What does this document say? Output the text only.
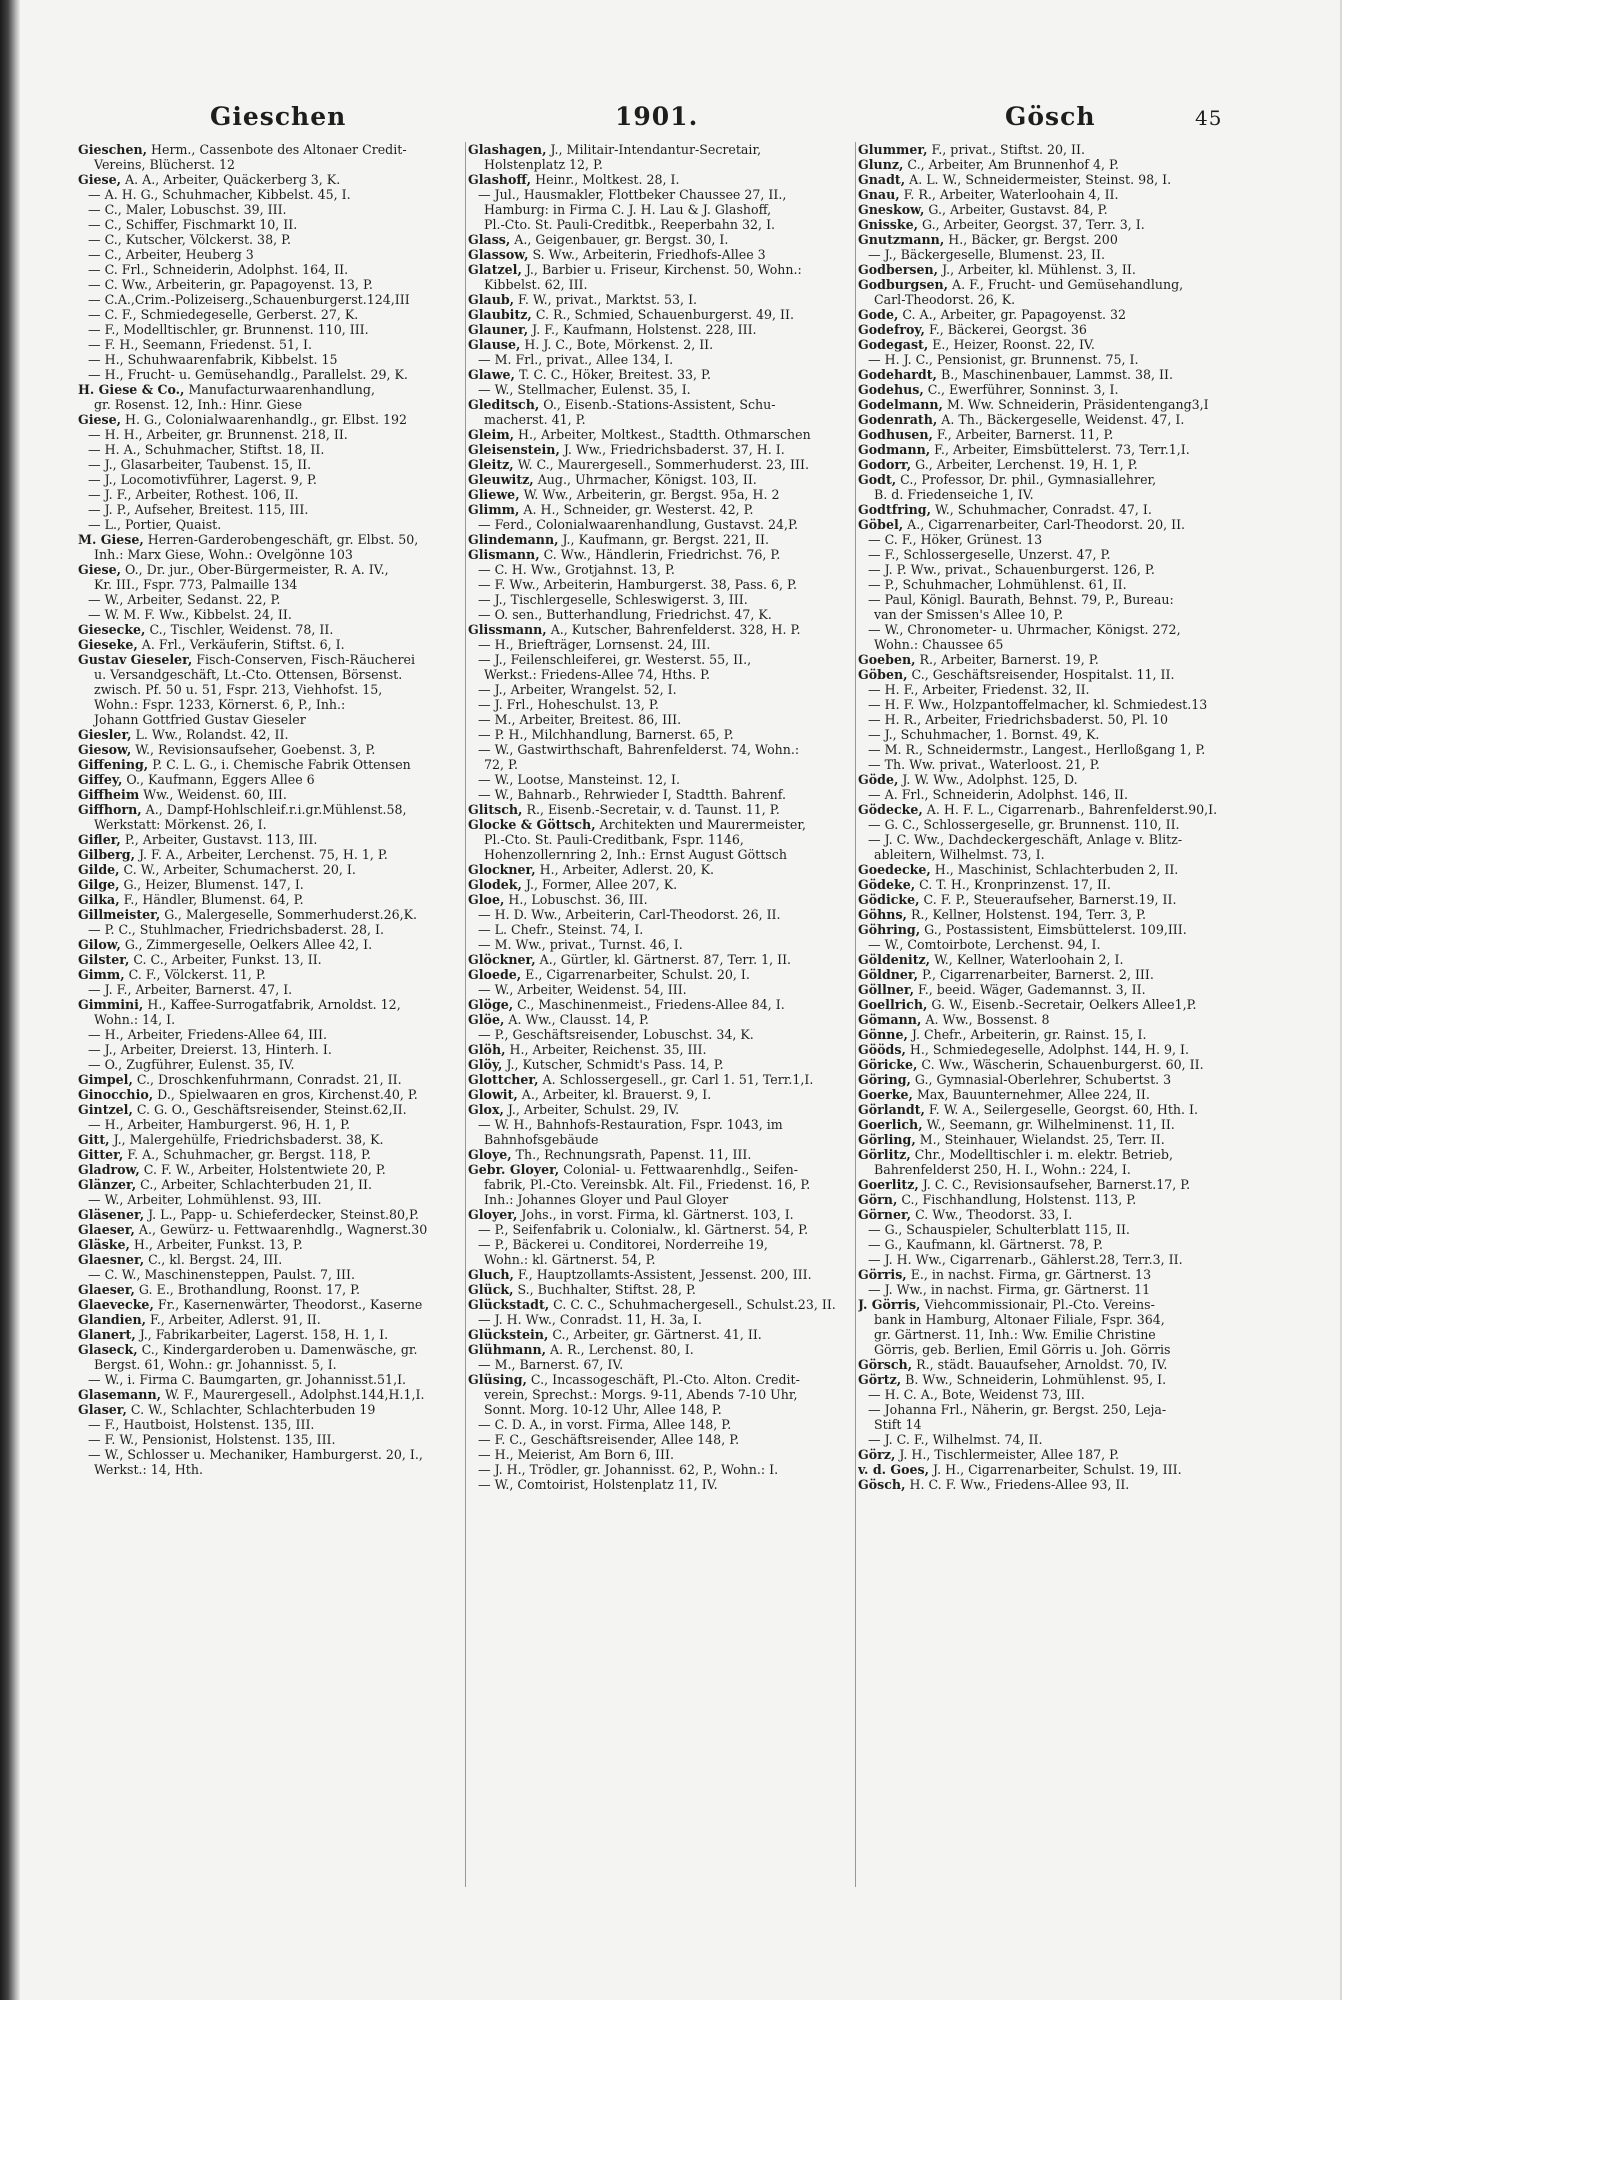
Gieschen	1901.	Gösch	45

Gieschen, Herm., Cassenbote des Altonaer Credit-

Vereins, Blücherst. 12

Giese, A. A., Arbeiter, Quäckerberg 3, K.

— A. H. G., Schuhmacher, Kibbelst. 45, I.

— C., Maler, Lobuschst. 39, III.

— C., Schiffer, Fischmarkt 10, II.

— C., Kutscher, Völckerst. 38, P.

— C., Arbeiter, Heuberg 3

— C. Frl., Schneiderin, Adolphst. 164, II.

— C. Ww., Arbeiterin, gr. Papagoyenst. 13, P.

— C.A.,Crim.-Polizeiserg.,Schauenburgerst.124,III

— C. F., Schmiedegeselle, Gerberst. 27, K.

— F., Modelltischler, gr. Brunnenst. 110, III.

— F. H., Seemann, Friedenst. 51, I.

— H., Schuhwaarenfabrik, Kibbelst. 15

— H., Frucht- u. Gemüsehandlg., Parallelst. 29, K.

H. Giese & Co., Manufacturwaarenhandlung,

gr. Rosenst. 12, Inh.: Hinr. Giese

Giese, H. G., Colonialwaarenhandlg., gr. Elbst. 192

— H. H., Arbeiter, gr. Brunnenst. 218, II.

— H. A., Schuhmacher, Stiftst. 18, II.

— J., Glasarbeiter, Taubenst. 15, II.

— J., Locomotivführer, Lagerst. 9, P.

— J. F., Arbeiter, Rothest. 106, II.

— J. P., Aufseher, Breitest. 115, III.

— L., Portier, Quaist.

M. Giese, Herren-Garderobengeschäft, gr. Elbst. 50,

Inh.: Marx Giese, Wohn.: Ovelgönne 103

Giese, O., Dr. jur., Ober-Bürgermeister, R. A. IV.,

Kr. III., Fspr. 773, Palmaille 134

— W., Arbeiter, Sedanst. 22, P.

— W. M. F. Ww., Kibbelst. 24, II.

Giesecke, C., Tischler, Weidenst. 78, II.

Gieseke, A. Frl., Verkäuferin, Stiftst. 6, I.

Gustav Gieseler, Fisch-Conserven, Fisch-Räucherei

u. Versandgeschäft, Lt.-Cto. Ottensen, Börsenst.

zwisch. Pf. 50 u. 51, Fspr. 213, Viehhofst. 15,

Wohn.: Fspr. 1233, Körnerst. 6, P., Inh.:

Johann Gottfried Gustav Gieseler

Giesler, L. Ww., Rolandst. 42, II.

Giesow, W., Revisionsaufseher, Goebenst. 3, P.

Giffening, P. C. L. G., i. Chemische Fabrik Ottensen

Giffey, O., Kaufmann, Eggers Allee 6

Giffheim Ww., Weidenst. 60, III.

Giffhorn, A., Dampf-Hohlschleif.r.i.gr.Mühlenst.58,

Werkstatt: Mörkenst. 26, I.

Gifler, P., Arbeiter, Gustavst. 113, III.

Gilberg, J. F. A., Arbeiter, Lerchenst. 75, H. 1, P.

Gilde, C. W., Arbeiter, Schumacherst. 20, I.

Gilge, G., Heizer, Blumenst. 147, I.

Gilka, F., Händler, Blumenst. 64, P.

Gillmeister, G., Malergeselle, Sommerhuderst.26,K.

— P. C., Stuhlmacher, Friedrichsbaderst. 28, I.

Gilow, G., Zimmergeselle, Oelkers Allee 42, I.

Gilster, C. C., Arbeiter, Funkst. 13, II.

Gimm, C. F., Völckerst. 11, P.

— J. F., Arbeiter, Barnerst. 47, I.

Gimmini, H., Kaffee-Surrogatfabrik, Arnoldst. 12,

Wohn.: 14, I.

— H., Arbeiter, Friedens-Allee 64, III.

— J., Arbeiter, Dreierst. 13, Hinterh. I.

— O., Zugführer, Eulenst. 35, IV.

Gimpel, C., Droschkenfuhrmann, Conradst. 21, II.

Ginocchio, D., Spielwaaren en gros, Kirchenst.40, P.

Gintzel, C. G. O., Geschäftsreisender, Steinst.62,II.

— H., Arbeiter, Hamburgerst. 96, H. 1, P.

Gitt, J., Malergehülfe, Friedrichsbaderst. 38, K.

Gitter, F. A., Schuhmacher, gr. Bergst. 118, P.

Gladrow, C. F. W., Arbeiter, Holstentwiete 20, P.

Glänzer, C., Arbeiter, Schlachterbuden 21, II.

— W., Arbeiter, Lohmühlenst. 93, III.

Gläsener, J. L., Papp- u. Schieferdecker, Steinst.80,P.

Glaeser, A., Gewürz- u. Fettwaarenhdlg., Wagnerst.30

Gläske, H., Arbeiter, Funkst. 13, P.

Glaesner, C., kl. Bergst. 24, III.

— C. W., Maschinensteppen, Paulst. 7, III.

Glaeser, G. E., Brothandlung, Roonst. 17, P.

Glaevecke, Fr., Kasernenwärter, Theodorst., Kaserne

Glandien, F., Arbeiter, Adlerst. 91, II.

Glanert, J., Fabrikarbeiter, Lagerst. 158, H. 1, I.

Glaseck, C., Kindergarderoben u. Damenwäsche, gr.

Bergst. 61, Wohn.: gr. Johannisst. 5, I.

— W., i. Firma C. Baumgarten, gr. Johannisst.51,I.

Glasemann, W. F., Maurergesell., Adolphst.144,H.1,I.

Glaser, C. W., Schlachter, Schlachterbuden 19

— F., Hautboist, Holstenst. 135, III.

— F. W., Pensionist, Holstenst. 135, III.

— W., Schlosser u. Mechaniker, Hamburgerst. 20, I.,

Werkst.: 14, Hth.

Glashagen, J., Militair-Intendantur-Secretair,

Holstenplatz 12, P.

Glashoff, Heinr., Moltkest. 28, I.

— Jul., Hausmakler, Flottbeker Chaussee 27, II.,

Hamburg: in Firma C. J. H. Lau & J. Glashoff,

Pl.-Cto. St. Pauli-Creditbk., Reeperbahn 32, I.

Glass, A., Geigenbauer, gr. Bergst. 30, I.

Glassow, S. Ww., Arbeiterin, Friedhofs-Allee 3

Glatzel, J., Barbier u. Friseur, Kirchenst. 50, Wohn.:

Kibbelst. 62, III.

Glaub, F. W., privat., Marktst. 53, I.

Glaubitz, C. R., Schmied, Schauenburgerst. 49, II.

Glauner, J. F., Kaufmann, Holstenst. 228, III.

Glause, H. J. C., Bote, Mörkenst. 2, II.

— M. Frl., privat., Allee 134, I.

Glawe, T. C. C., Höker, Breitest. 33, P.

— W., Stellmacher, Eulenst. 35, I.

Gleditsch, O., Eisenb.-Stations-Assistent, Schu-

macherst. 41, P.

Gleim, H., Arbeiter, Moltkest., Stadtth. Othmarschen

Gleisenstein, J. Ww., Friedrichsbaderst. 37, H. I.

Gleitz, W. C., Maurergesell., Sommerhuderst. 23, III.

Gleuwitz, Aug., Uhrmacher, Königst. 103, II.

Gliewe, W. Ww., Arbeiterin, gr. Bergst. 95a, H. 2

Glimm, A. H., Schneider, gr. Westerst. 42, P.

— Ferd., Colonialwaarenhandlung, Gustavst. 24,P.

Glindemann, J., Kaufmann, gr. Bergst. 221, II.

Glismann, C. Ww., Händlerin, Friedrichst. 76, P.

— C. H. Ww., Grotjahnst. 13, P.

— F. Ww., Arbeiterin, Hamburgerst. 38, Pass. 6, P.

— J., Tischlergeselle, Schleswigerst. 3, III.

— O. sen., Butterhandlung, Friedrichst. 47, K.

Glissmann, A., Kutscher, Bahrenfelderst. 328, H. P.

— H., Briefträger, Lornsenst. 24, III.

— J., Feilenschleiferei, gr. Westerst. 55, II.,

Werkst.: Friedens-Allee 74, Hths. P.

— J., Arbeiter, Wrangelst. 52, I.

— J. Frl., Hoheschulst. 13, P.

— M., Arbeiter, Breitest. 86, III.

— P. H., Milchhandlung, Barnerst. 65, P.

— W., Gastwirthschaft, Bahrenfelderst. 74, Wohn.:

72, P.

— W., Lootse, Mansteinst. 12, I.

— W., Bahnarb., Rehrwieder I, Stadtth. Bahrenf.

Glitsch, R., Eisenb.-Secretair, v. d. Taunst. 11, P.

Glocke & Göttsch, Architekten und Maurermeister,

Pl.-Cto. St. Pauli-Creditbank, Fspr. 1146,

Hohenzollernring 2, Inh.: Ernst August Göttsch

Glockner, H., Arbeiter, Adlerst. 20, K.

Glodek, J., Former, Allee 207, K.

Gloe, H., Lobuschst. 36, III.

— H. D. Ww., Arbeiterin, Carl-Theodorst. 26, II.

— L. Chefr., Steinst. 74, I.

— M. Ww., privat., Turnst. 46, I.

Glöckner, A., Gürtler, kl. Gärtnerst. 87, Terr. 1, II.

Gloede, E., Cigarrenarbeiter, Schulst. 20, I.

— W., Arbeiter, Weidenst. 54, III.

Glöge, C., Maschinenmeist., Friedens-Allee 84, I.

Glöe, A. Ww., Clausst. 14, P.

— P., Geschäftsreisender, Lobuschst. 34, K.

Glöh, H., Arbeiter, Reichenst. 35, III.

Glöy, J., Kutscher, Schmidt's Pass. 14, P.

Glottcher, A. Schlossergesell., gr. Carl 1. 51, Terr.1,I.

Glowit, A., Arbeiter, kl. Brauerst. 9, I.

Glox, J., Arbeiter, Schulst. 29, IV.

— W. H., Bahnhofs-Restauration, Fspr. 1043, im

Bahnhofsgebäude

Gloye, Th., Rechnungsrath, Papenst. 11, III.

Gebr. Gloyer, Colonial- u. Fettwaarenhdlg., Seifen-

fabrik, Pl.-Cto. Vereinsbk. Alt. Fil., Friedenst. 16, P.

Inh.: Johannes Gloyer und Paul Gloyer

Gloyer, Johs., in vorst. Firma, kl. Gärtnerst. 103, I.

— P., Seifenfabrik u. Colonialw., kl. Gärtnerst. 54, P.

— P., Bäckerei u. Conditorei, Norderreihe 19,

Wohn.: kl. Gärtnerst. 54, P.

Gluch, F., Hauptzollamts-Assistent, Jessenst. 200, III.

Glück, S., Buchhalter, Stiftst. 28, P.

Glückstadt, C. C. C., Schuhmachergesell., Schulst.23, II.

— J. H. Ww., Conradst. 11, H. 3a, I.

Glückstein, C., Arbeiter, gr. Gärtnerst. 41, II.

Glühmann, A. R., Lerchenst. 80, I.

— M., Barnerst. 67, IV.

Glüsing, C., Incassogeschäft, Pl.-Cto. Alton. Credit-

verein, Sprechst.: Morgs. 9-11, Abends 7-10 Uhr,

Sonnt. Morg. 10-12 Uhr, Allee 148, P.

— C. D. A., in vorst. Firma, Allee 148, P.

— F. C., Geschäftsreisender, Allee 148, P.

— H., Meierist, Am Born 6, III.

— J. H., Trödler, gr. Johannisst. 62, P., Wohn.: I.

— W., Comtoirist, Holstenplatz 11, IV.

Glummer, F., privat., Stiftst. 20, II.

Glunz, C., Arbeiter, Am Brunnenhof 4, P.

Gnadt, A. L. W., Schneidermeister, Steinst. 98, I.

Gnau, F. R., Arbeiter, Waterloohain 4, II.

Gneskow, G., Arbeiter, Gustavst. 84, P.

Gnisske, G., Arbeiter, Georgst. 37, Terr. 3, I.

Gnutzmann, H., Bäcker, gr. Bergst. 200

— J., Bäckergeselle, Blumenst. 23, II.

Godbersen, J., Arbeiter, kl. Mühlenst. 3, II.

Godburgsen, A. F., Frucht- und Gemüsehandlung,

Carl-Theodorst. 26, K.

Gode, C. A., Arbeiter, gr. Papagoyenst. 32

Godefroy, F., Bäckerei, Georgst. 36

Godegast, E., Heizer, Roonst. 22, IV.

— H. J. C., Pensionist, gr. Brunnenst. 75, I.

Godehardt, B., Maschinenbauer, Lammst. 38, II.

Godehus, C., Ewerführer, Sonninst. 3, I.

Godelmann, M. Ww. Schneiderin, Präsidentengang3,I

Godenrath, A. Th., Bäckergeselle, Weidenst. 47, I.

Godhusen, F., Arbeiter, Barnerst. 11, P.

Godmann, F., Arbeiter, Eimsbüttelerst. 73, Terr.1,I.

Godorr, G., Arbeiter, Lerchenst. 19, H. 1, P.

Godt, C., Professor, Dr. phil., Gymnasiallehrer,

B. d. Friedenseiche 1, IV.

Godtfring, W., Schuhmacher, Conradst. 47, I.

Göbel, A., Cigarrenarbeiter, Carl-Theodorst. 20, II.

— C. F., Höker, Grünest. 13

— F., Schlossergeselle, Unzerst. 47, P.

— J. P. Ww., privat., Schauenburgerst. 126, P.

— P., Schuhmacher, Lohmühlenst. 61, II.

— Paul, Königl. Baurath, Behnst. 79, P., Bureau:

van der Smissen's Allee 10, P.

— W., Chronometer- u. Uhrmacher, Königst. 272,

Wohn.: Chaussee 65

Goeben, R., Arbeiter, Barnerst. 19, P.

Göben, C., Geschäftsreisender, Hospitalst. 11, II.

— H. F., Arbeiter, Friedenst. 32, II.

— H. F. Ww., Holzpantoffelmacher, kl. Schmiedest.13

— H. R., Arbeiter, Friedrichsbaderst. 50, Pl. 10

— J., Schuhmacher, 1. Bornst. 49, K.

— M. R., Schneidermstr., Langest., Herlloßgang 1, P.

— Th. Ww. privat., Waterloost. 21, P.

Göde, J. W. Ww., Adolphst. 125, D.

— A. Frl., Schneiderin, Adolphst. 146, II.

Gödecke, A. H. F. L., Cigarrenarb., Bahrenfelderst.90,I.

— G. C., Schlossergeselle, gr. Brunnenst. 110, II.

— J. C. Ww., Dachdeckergeschäft, Anlage v. Blitz-

ableitern, Wilhelmst. 73, I.

Goedecke, H., Maschinist, Schlachterbuden 2, II.

Gödeke, C. T. H., Kronprinzenst. 17, II.

Gödicke, C. F. P., Steueraufseher, Barnerst.19, II.

Göhns, R., Kellner, Holstenst. 194, Terr. 3, P.

Göhring, G., Postassistent, Eimsbüttelerst. 109,III.

— W., Comtoirbote, Lerchenst. 94, I.

Göldenitz, W., Kellner, Waterloohain 2, I.

Göldner, P., Cigarrenarbeiter, Barnerst. 2, III.

Göllner, F., beeid. Wäger, Gademannst. 3, II.

Goellrich, G. W., Eisenb.-Secretair, Oelkers Allee1,P.

Gömann, A. Ww., Bossenst. 8

Gönne, J. Chefr., Arbeiterin, gr. Rainst. 15, I.

Gööds, H., Schmiedegeselle, Adolphst. 144, H. 9, I.

Göricke, C. Ww., Wäscherin, Schauenburgerst. 60, II.

Göring, G., Gymnasial-Oberlehrer, Schubertst. 3

Goerke, Max, Bauunternehmer, Allee 224, II.

Görlandt, F. W. A., Seilergeselle, Georgst. 60, Hth. I.

Goerlich, W., Seemann, gr. Wilhelminenst. 11, II.

Görling, M., Steinhauer, Wielandst. 25, Terr. II.

Görlitz, Chr., Modelltischler i. m. elektr. Betrieb,

Bahrenfelderst 250, H. I., Wohn.: 224, I.

Goerlitz, J. C. C., Revisionsaufseher, Barnerst.17, P.

Görn, C., Fischhandlung, Holstenst. 113, P.

Görner, C. Ww., Theodorst. 33, I.

— G., Schauspieler, Schulterblatt 115, II.

— G., Kaufmann, kl. Gärtnerst. 78, P.

— J. H. Ww., Cigarrenarb., Gählerst.28, Terr.3, II.

Görris, E., in nachst. Firma, gr. Gärtnerst. 13

— J. Ww., in nachst. Firma, gr. Gärtnerst. 11

J. Görris, Viehcommissionair, Pl.-Cto. Vereins-

bank in Hamburg, Altonaer Filiale, Fspr. 364,

gr. Gärtnerst. 11, Inh.: Ww. Emilie Christine

Görris, geb. Berlien, Emil Görris u. Joh. Görris

Görsch, R., städt. Bauaufseher, Arnoldst. 70, IV.

Görtz, B. Ww., Schneiderin, Lohmühlenst. 95, I.

— H. C. A., Bote, Weidenst 73, III.

— Johanna Frl., Näherin, gr. Bergst. 250, Leja-

Stift 14

— J. C. F., Wilhelmst. 74, II.

Görz, J. H., Tischlermeister, Allee 187, P.

v. d. Goes, J. H., Cigarrenarbeiter, Schulst. 19, III.

Gösch, H. C. F. Ww., Friedens-Allee 93, II.
